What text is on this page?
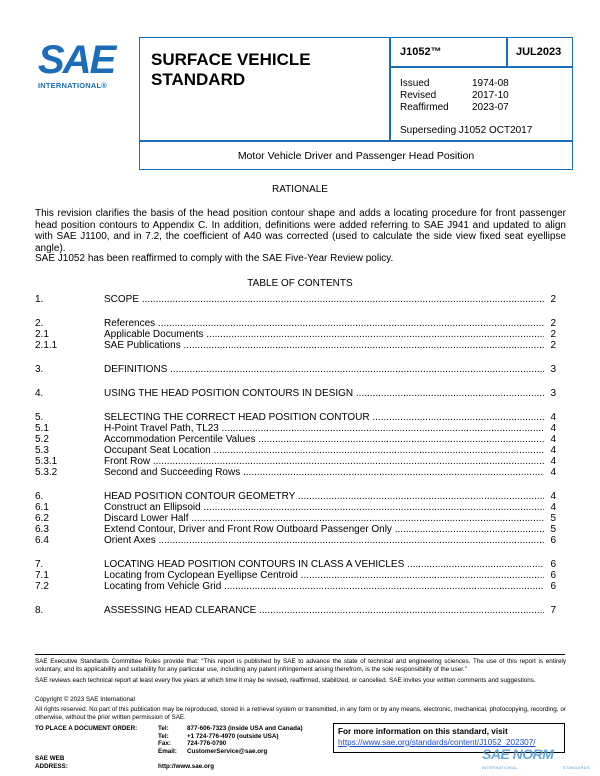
SAE
INTERNATIONAL®
SURFACE VEHICLE
STANDARD
J1052™	JUL2023
Issued	1974-08
Revised	2017-10
Reaffirmed	2023-07
Superseding J1052 OCT2017
Motor Vehicle Driver and Passenger Head Position
RATIONALE
This revision clarifies the basis of the head position contour shape and adds a locating procedure for front passenger head position contours to Appendix C. In addition, definitions were added referring to SAE J941 and updated to align with SAE J1100, and in 7.2, the coefficient of A40 was corrected (used to calculate the side view fixed seat eyellipse angle).
SAE J1052 has been reaffirmed to comply with the SAE Five-Year Review policy.
TABLE OF CONTENTS
1.	SCOPE .....	2
2.	References .....	2
2.1	Applicable Documents .....	2
2.1.1	SAE Publications .....	2
3.	DEFINITIONS .....	3
4.	USING THE HEAD POSITION CONTOURS IN DESIGN .....	3
5.	SELECTING THE CORRECT HEAD POSITION CONTOUR .....	4
5.1	H-Point Travel Path, TL23 .....	4
5.2	Accommodation Percentile Values .....	4
5.3	Occupant Seat Location .....	4
5.3.1	Front Row .....	4
5.3.2	Second and Succeeding Rows .....	4
6.	HEAD POSITION CONTOUR GEOMETRY .....	4
6.1	Construct an Ellipsoid .....	4
6.2	Discard Lower Half .....	5
6.3	Extend Contour, Driver and Front Row Outboard Passenger Only .....	5
6.4	Orient Axes .....	6
7.	LOCATING HEAD POSITION CONTOURS IN CLASS A VEHICLES .....	6
7.1	Locating from Cyclopean Eyellipse Centroid .....	6
7.2	Locating from Vehicle Grid .....	6
8.	ASSESSING HEAD CLEARANCE .....	7
SAE Executive Standards Committee Rules provide that: “This report is published by SAE to advance the state of technical and engineering sciences. The use of this report is entirely voluntary, and its applicability and suitability for any particular use, including any patent infringement arising therefrom, is the sole responsibility of the user.”
SAE reviews each technical report at least every five years at which time it may be revised, reaffirmed, stabilized, or cancelled. SAE invites your written comments and suggestions.
Copyright © 2023 SAE International
All rights reserved. No part of this publication may be reproduced, stored in a retrieval system or transmitted, in any form or by any means, electronic, mechanical, photocopying, recording, or otherwise, without the prior written permission of SAE.
TO PLACE A DOCUMENT ORDER:	Tel:	877-606-7323 (inside USA and Canada)
Tel:	+1 724-776-4970 (outside USA)
Fax:	724-776-0790
Email:	CustomerService@sae.org
SAE WEB ADDRESS:	http://www.sae.org
For more information on this standard, visit
https://www.sae.org/standards/content/J1052_202307/
SAE NORM
INTERNATIONAL	STANDARDS
